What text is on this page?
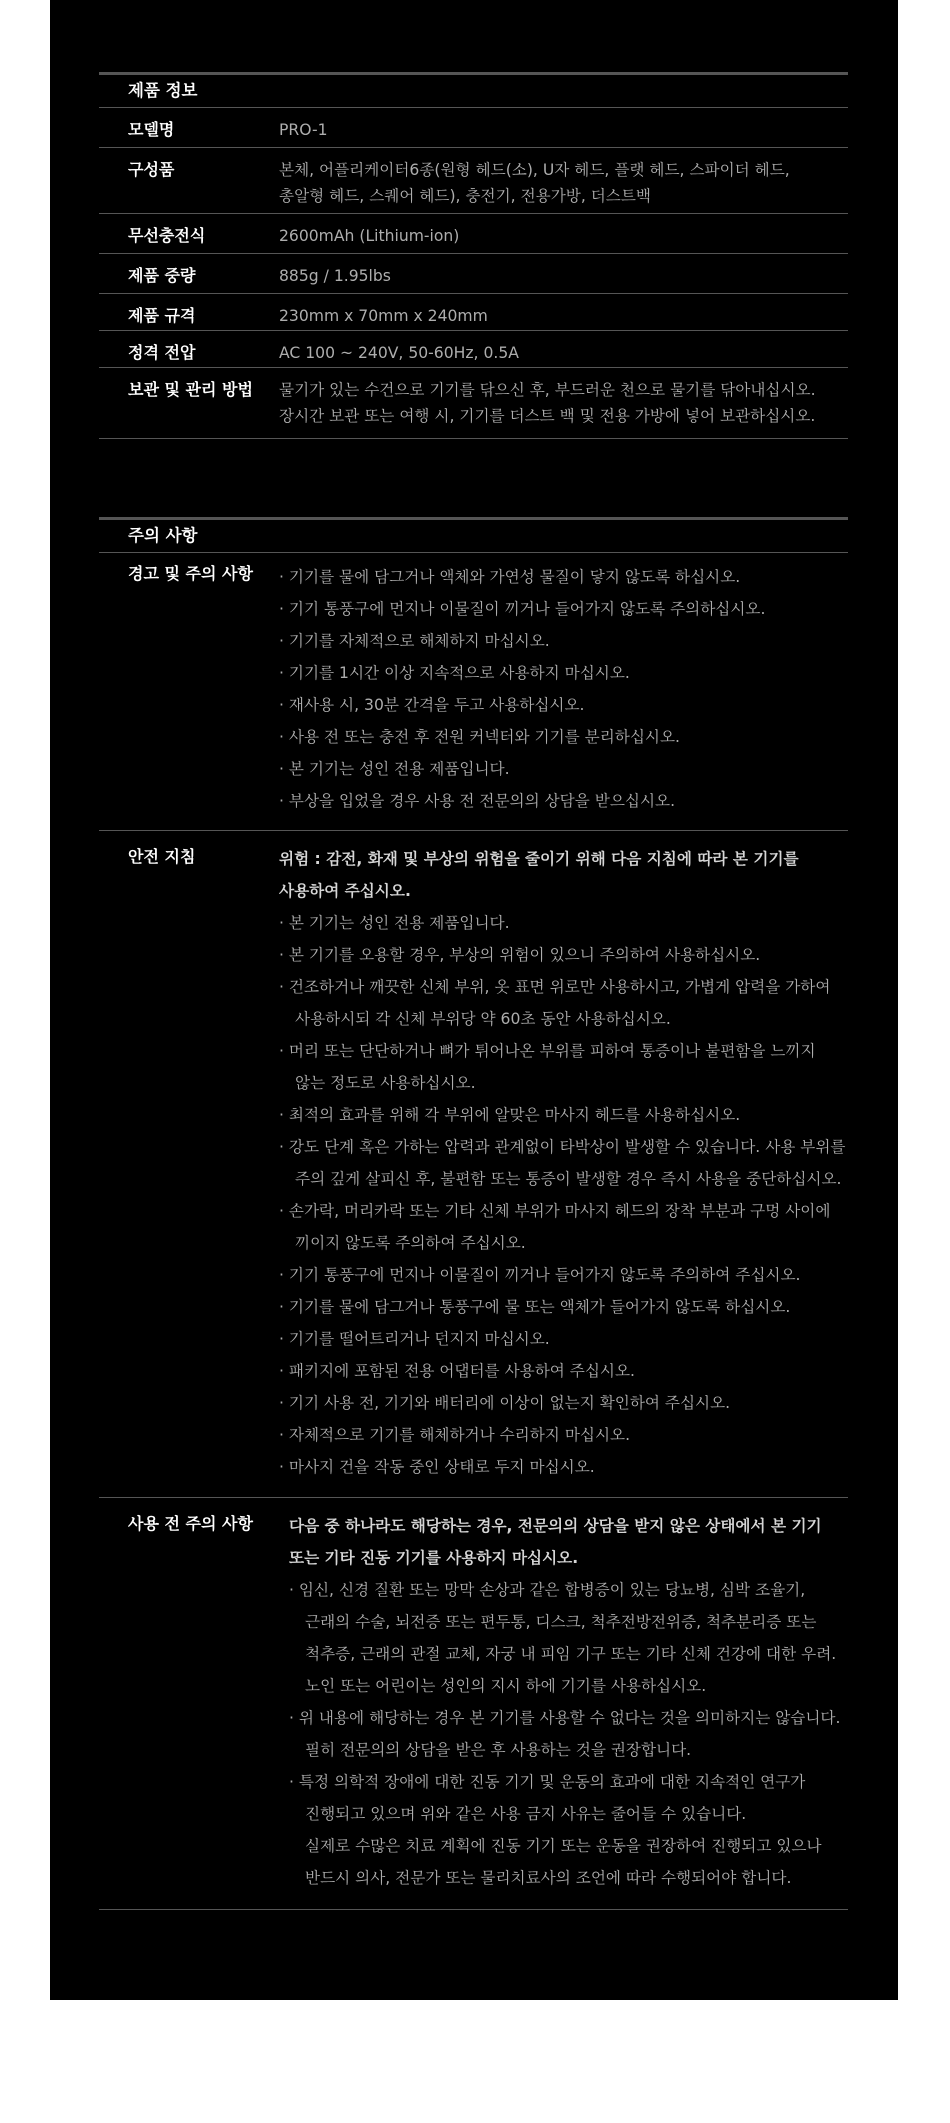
제품 정보
모델명	PRO-1
구성품	본체, 어플리케이터6종(원형 헤드(소), U자 헤드, 플랫 헤드, 스파이더 헤드,
총알형 헤드, 스퀘어 헤드), 충전기, 전용가방, 더스트백
무선충전식	2600mAh (Lithium-ion)
제품 중량	885g / 1.95lbs
제품 규격	230mm x 70mm x 240mm
정격 전압	AC 100 ~ 240V, 50-60Hz, 0.5A
보관 및 관리 방법	물기가 있는 수건으로 기기를 닦으신 후, 부드러운 천으로 물기를 닦아내십시오.
장시간 보관 또는 여행 시, 기기를 더스트 백 및 전용 가방에 넣어 보관하십시오.
주의 사항
경고 및 주의 사항	· 기기를 물에 담그거나 액체와 가연성 물질이 닿지 않도록 하십시오.
· 기기 통풍구에 먼지나 이물질이 끼거나 들어가지 않도록 주의하십시오.
· 기기를 자체적으로 해체하지 마십시오.
· 기기를 1시간 이상 지속적으로 사용하지 마십시오.
· 재사용 시, 30분 간격을 두고 사용하십시오.
· 사용 전 또는 충전 후 전원 커넥터와 기기를 분리하십시오.
· 본 기기는 성인 전용 제품입니다.
· 부상을 입었을 경우 사용 전 전문의의 상담을 받으십시오.
안전 지침	위험 : 감전, 화재 및 부상의 위험을 줄이기 위해 다음 지침에 따라 본 기기를
사용하여 주십시오.
· 본 기기는 성인 전용 제품입니다.
· 본 기기를 오용할 경우, 부상의 위험이 있으니 주의하여 사용하십시오.
· 건조하거나 깨끗한 신체 부위, 옷 표면 위로만 사용하시고, 가볍게 압력을 가하여
사용하시되 각 신체 부위당 약 60초 동안 사용하십시오.
· 머리 또는 단단하거나 뼈가 튀어나온 부위를 피하여 통증이나 불편함을 느끼지
않는 정도로 사용하십시오.
· 최적의 효과를 위해 각 부위에 알맞은 마사지 헤드를 사용하십시오.
· 강도 단계 혹은 가하는 압력과 관계없이 타박상이 발생할 수 있습니다. 사용 부위를
주의 깊게 살피신 후, 불편함 또는 통증이 발생할 경우 즉시 사용을 중단하십시오.
· 손가락, 머리카락 또는 기타 신체 부위가 마사지 헤드의 장착 부분과 구멍 사이에
끼이지 않도록 주의하여 주십시오.
· 기기 통풍구에 먼지나 이물질이 끼거나 들어가지 않도록 주의하여 주십시오.
· 기기를 물에 담그거나 통풍구에 물 또는 액체가 들어가지 않도록 하십시오.
· 기기를 떨어트리거나 던지지 마십시오.
· 패키지에 포함된 전용 어댑터를 사용하여 주십시오.
· 기기 사용 전, 기기와 배터리에 이상이 없는지 확인하여 주십시오.
· 자체적으로 기기를 해체하거나 수리하지 마십시오.
· 마사지 건을 작동 중인 상태로 두지 마십시오.
사용 전 주의 사항	다음 중 하나라도 해당하는 경우, 전문의의 상담을 받지 않은 상태에서 본 기기
또는 기타 진동 기기를 사용하지 마십시오.
· 임신, 신경 질환 또는 망막 손상과 같은 합병증이 있는 당뇨병, 심박 조율기,
근래의 수술, 뇌전증 또는 편두통, 디스크, 척추전방전위증, 척추분리증 또는
척추증, 근래의 관절 교체, 자궁 내 피임 기구 또는 기타 신체 건강에 대한 우려.
노인 또는 어린이는 성인의 지시 하에 기기를 사용하십시오.
· 위 내용에 해당하는 경우 본 기기를 사용할 수 없다는 것을 의미하지는 않습니다.
필히 전문의의 상담을 받은 후 사용하는 것을 권장합니다.
· 특정 의학적 장애에 대한 진동 기기 및 운동의 효과에 대한 지속적인 연구가
진행되고 있으며 위와 같은 사용 금지 사유는 줄어들 수 있습니다.
실제로 수많은 치료 계획에 진동 기기 또는 운동을 권장하여 진행되고 있으나
반드시 의사, 전문가 또는 물리치료사의 조언에 따라 수행되어야 합니다.
